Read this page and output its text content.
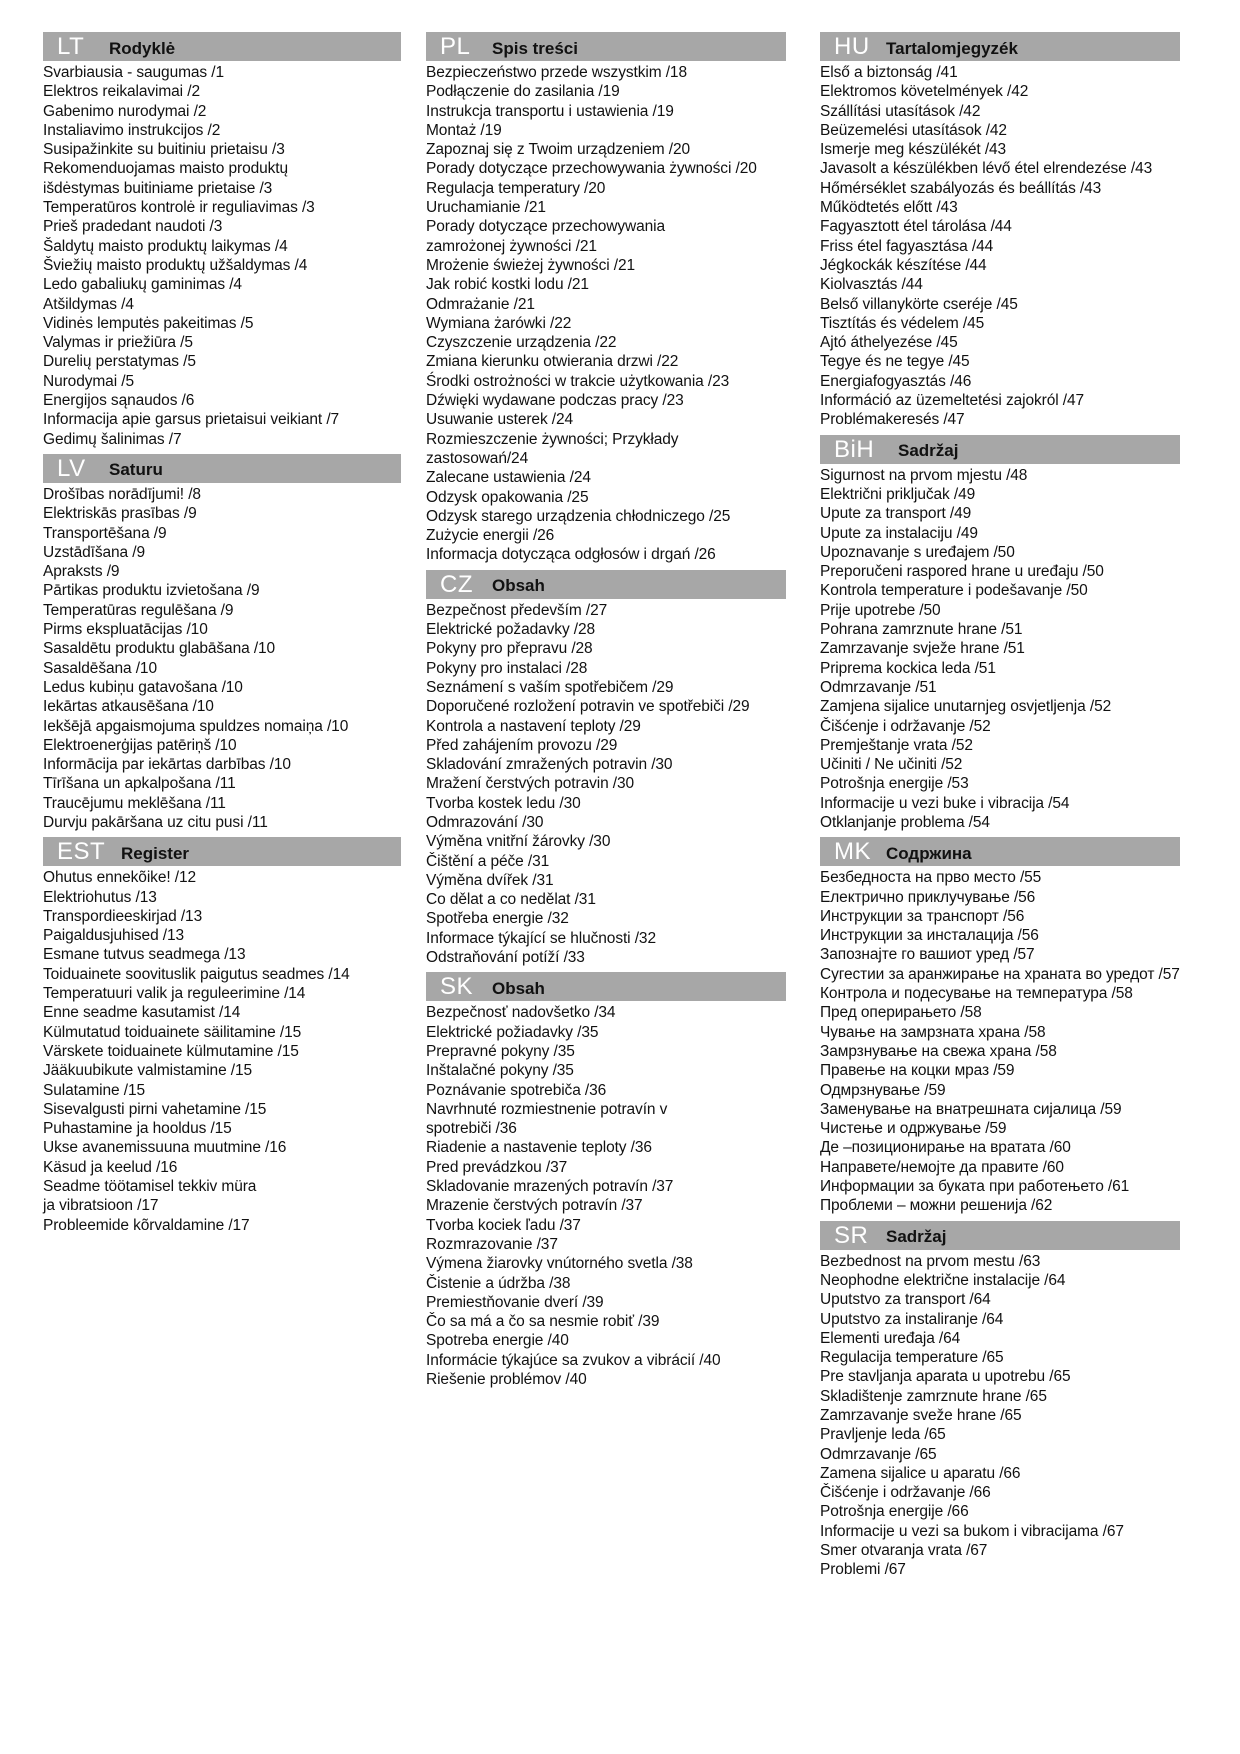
LT	Rodyklė
Svarbiausia - saugumas /1
Elektros reikalavimai /2
Gabenimo nurodymai /2
Instaliavimo instrukcijos /2
Susipažinkite su buitiniu prietaisu /3
Rekomenduojamas maisto produktų
išdėstymas buitiniame prietaise /3
Temperatūros kontrolė ir reguliavimas /3
Prieš pradedant naudoti /3
Šaldytų maisto produktų laikymas /4
Šviežių maisto produktų užšaldymas /4
Ledo gabaliukų gaminimas /4
Atšildymas /4
Vidinės lemputės pakeitimas /5
Valymas ir priežiūra /5
Durelių perstatymas /5
Nurodymai /5
Energijos sąnaudos /6
Informacija apie garsus prietaisui veikiant /7
Gedimų šalinimas /7
LV	Saturu
Drošības norādījumi! /8
Elektriskās prasības /9
Transportēšana /9
Uzstādīšana /9
Apraksts /9
Pārtikas produktu izvietošana /9
Temperatūras regulēšana /9
Pirms ekspluatācijas /10
Sasaldētu produktu glabāšana /10
Sasaldēšana /10
Ledus kubiņu gatavošana /10
Iekārtas atkausēšana /10
Iekšējā apgaismojuma spuldzes nomaiņa /10
Elektroenerģijas patēriņš /10
Informācija par iekārtas darbības /10
Tīrīšana un apkalpošana /11
Traucējumu meklēšana /11
Durvju pakāršana uz citu pusi /11
EST Register
Ohutus ennekõike! /12
Elektriohutus /13
Transpordieeskirjad /13
Paigaldusjuhised /13
Esmane tutvus seadmega /13
Toiduainete soovituslik paigutus seadmes /14
Temperatuuri valik ja reguleerimine /14
Enne seadme kasutamist /14
Külmutatud toiduainete säilitamine /15
Värskete toiduainete külmutamine /15
Jääkuubikute valmistamine /15
Sulatamine /15
Sisevalgusti pirni vahetamine /15
Puhastamine ja hooldus /15
Ukse avanemissuuna muutmine /16
Käsud ja keelud /16
Seadme töötamisel tekkiv müra
ja vibratsioon /17
Probleemide kõrvaldamine /17
PL	Spis treści
Bezpieczeństwo przede wszystkim /18
Podłączenie do zasilania /19
Instrukcja transportu i ustawienia /19
Montaż /19
Zapoznaj się z Twoim urządzeniem /20
Porady dotyczące przechowywania żywności /20
Regulacja temperatury /20
Uruchamianie /21
Porady dotyczące przechowywania
zamrożonej żywności /21
Mrożenie świeżej żywności /21
Jak robić kostki lodu /21
Odmrażanie /21
Wymiana żarówki /22
Czyszczenie urządzenia /22
Zmiana kierunku otwierania drzwi /22
Środki ostrożności w trakcie użytkowania /23
Dźwięki wydawane podczas pracy /23
Usuwanie usterek /24
Rozmieszczenie żywności; Przykłady
zastosowań/24
Zalecane ustawienia /24
Odzysk opakowania /25
Odzysk starego urządzenia chłodniczego /25
Zużycie energii /26
Informacja dotycząca odgłosów i drgań /26
CZ	Obsah
Bezpečnost především /27
Elektrické požadavky /28
Pokyny pro přepravu /28
Pokyny pro instalaci /28
Seznámení s vaším spotřebičem /29
Doporučené rozložení potravin ve spotřebiči /29
Kontrola a nastavení teploty /29
Před zahájením provozu /29
Skladování zmražených potravin /30
Mražení čerstvých potravin /30
Tvorba kostek ledu /30
Odmrazování /30
Výměna vnitřní žárovky /30
Čištění a péče /31
Výměna dvířek /31
Co dělat a co nedělat /31
Spotřeba energie /32
Informace týkající se hlučnosti /32
Odstraňování potíží /33
SK	Obsah
Bezpečnosť nadovšetko /34
Elektrické požiadavky /35
Prepravné pokyny /35
Inštalačné pokyny /35
Poznávanie spotrebiča /36
Navrhnuté rozmiestnenie potravín v
spotrebiči /36
Riadenie a nastavenie teploty /36
Pred prevádzkou /37
Skladovanie mrazených potravín /37
Mrazenie čerstvých potravín /37
Tvorba kociek ľadu /37
Rozmrazovanie /37
Výmena žiarovky vnútorného svetla /38
Čistenie a údržba /38
Premiestňovanie dverí /39
Čo sa má a čo sa nesmie robiť /39
Spotreba energie /40
Informácie týkajúce sa zvukov a vibrácií /40
Riešenie problémov /40
HU Tartalomjegyzék
Első a biztonság /41
Elektromos követelmények /42
Szállítási utasítások /42
Beüzemelési utasítások /42
Ismerje meg készülékét /43
Javasolt a készülékben lévő étel elrendezése /43
Hőmérséklet szabályozás és beállítás /43
Működtetés előtt /43
Fagyasztott étel tárolása /44
Friss étel fagyasztása /44
Jégkockák készítése /44
Kiolvasztás /44
Belső villanykörte cseréje /45
Tisztítás és védelem /45
Ajtó áthelyezése /45
Tegye és ne tegye /45
Energiafogyasztás /46
Információ az üzemeltetési zajokról /47
Problémakeresés /47
BiH	Sadržaj
Sigurnost na prvom mjestu /48
Električni priključak /49
Upute za transport /49
Upute za instalaciju /49
Upoznavanje s uređajem /50
Preporučeni raspored hrane u uređaju /50
Kontrola temperature i podešavanje /50
Prije upotrebe /50
Pohrana zamrznute hrane /51
Zamrzavanje svježe hrane /51
Priprema kockica leda /51
Odmrzavanje /51
Zamjena sijalice unutarnjeg osvjetljenja /52
Čišćenje i održavanje /52
Premještanje vrata /52
Učiniti / Ne učiniti /52
Potrošnja energije /53
Informacije u vezi buke i vibracija /54
Otklanjanje problema /54
MK Содржина
Безбедноста на прво место /55
Електрично приклучување /56
Инструкции за транспорт /56
Инструкции за инсталација /56
Запознајте го вашиот уред /57
Сугестии за аранжирање на храната во уредот /57
Контрола и подесување на температура /58
Пред оперирањето /58
Чување на замрзната храна /58
Замрзнување на свежа храна /58
Правење на коцки мраз /59
Одмрзнување /59
Заменување на внатрешната сијалица /59
Чистење и одржување /59
Де –позиционирање на вратата /60
Направете/немојте да правите /60
Информации за буката при работењето /61
Проблеми – можни решенија /62
SR	Sadržaj
Bezbednost na prvom mestu /63
Neophodne električne instalacije /64
Uputstvo za transport /64
Uputstvo za instaliranje /64
Elementi uređaja /64
Regulacija temperature /65
Pre stavljanja aparata u upotrebu /65
Skladištenje zamrznute hrane /65
Zamrzavanje sveže hrane /65
Pravljenje leda /65
Odmrzavanje /65
Zamena sijalice u aparatu /66
Čišćenje i održavanje /66
Potrošnja energije /66
Informacije u vezi sa bukom i vibracijama /67
Smer otvaranja vrata /67
Problemi /67
